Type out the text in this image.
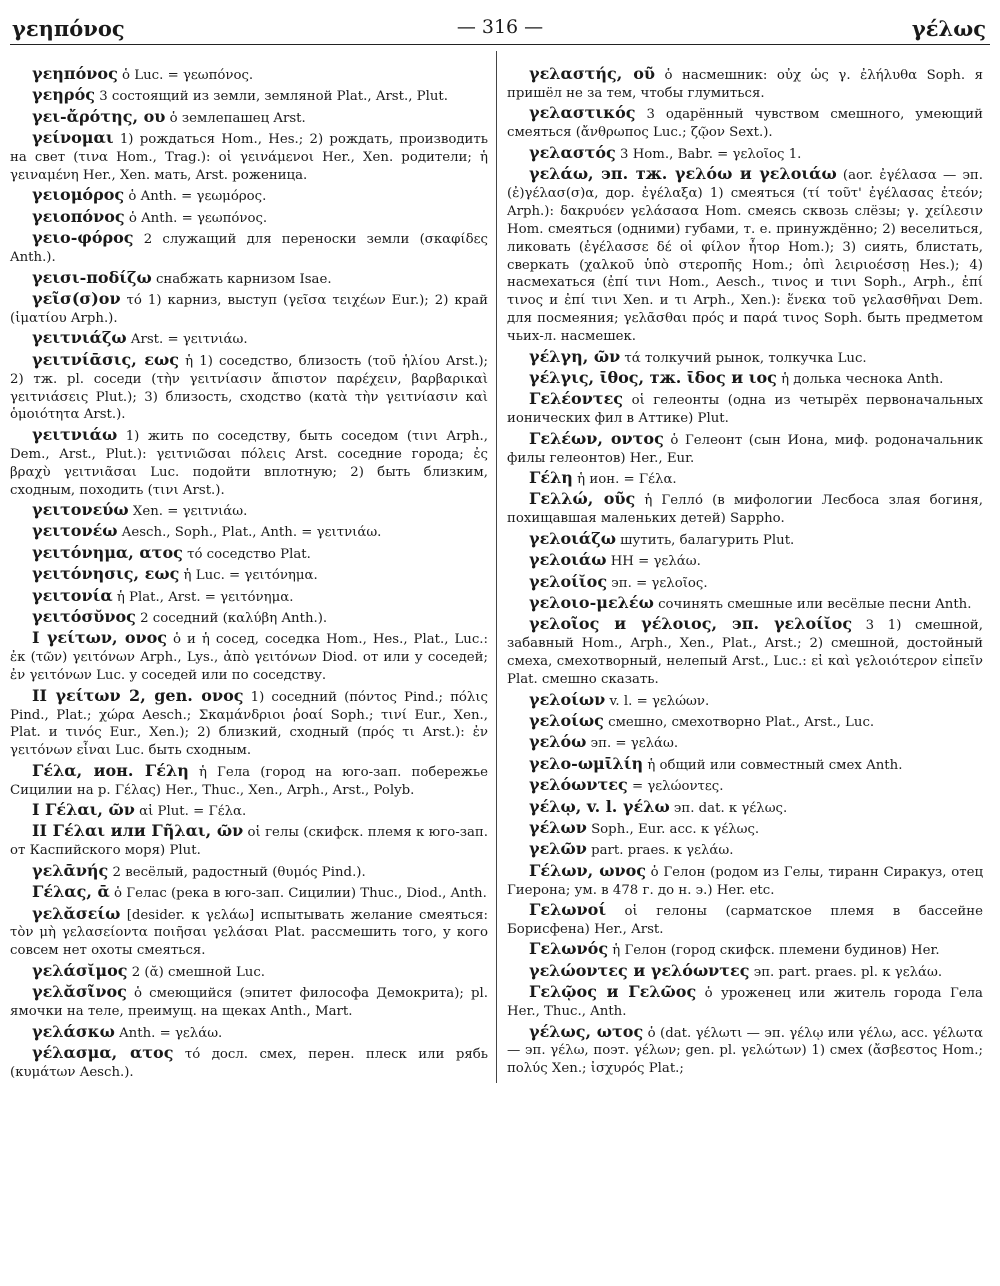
γεηπόνος	— 316 —	γέλως

γεηπόνος ὁ Luc. = γεωπόνος.

γεηρός 3 состоящий из земли, земляной Plat., Arst., Plut.

γει-ἄρότης, ου ὁ землепашец Arst.

γείνομαι 1) рождаться Hom., Hes.; 2) рождать, производить на свет (τινα Hom., Trag.): οἱ γεινάμενοι Her., Xen. родители; ἡ γειναμένη Her., Xen. мать, Arst. роженица.

γειομόρος ὁ Anth. = γεωμόρος.

γειοπόνος ὁ Anth. = γεωπόνος.

γειο-φόρος 2 служащий для переноски земли (σκαφίδες Anth.).

γεισι-ποδίζω снабжать карнизом Isae.

γεῖσ(σ)ον τό 1) карниз, выступ (γεῖσα τειχέων Eur.); 2) край (ἱματίου Arph.).

γειτνιάζω Arst. = γειτνιάω.

γειτνίᾱσις, εως ἡ 1) соседство, близость (τοῦ ἡλίου Arst.); 2) тж. pl. соседи (τὴν γειτνίασιν ἄπιστον παρέχειν, βαρβαρικαὶ γειτνιάσεις Plut.); 3) близость, сходство (κατὰ τὴν γειτνίασιν καὶ ὁμοιότητα Arst.).

γειτνιάω 1) жить по соседству, быть соседом (τινι Arph., Dem., Arst., Plut.): γειτνιῶσαι πόλεις Arst. соседние города; ἐς βραχὺ γειτνιᾶσαι Luc. подойти вплотную; 2) быть близким, сходным, походить (τινι Arst.).

γειτονεύω Xen. = γειτνιάω.

γειτονέω Aesch., Soph., Plat., Anth. = γειτνιάω.

γειτόνημα, ατος τό соседство Plat.

γειτόνησις, εως ἡ Luc. = γειτόνημα.

γειτονία ἡ Plat., Arst. = γειτόνημα.

γειτόσῠνος 2 соседний (καλύβη Anth.).

I γείτων, ονος ὁ и ἡ сосед, соседка Hom., Hes., Plat., Luc.: ἐκ (τῶν) γειτόνων Arph., Lys., ἀπὸ γειτόνων Diod. от или у соседей; ἐν γειτόνων Luc. у соседей или по соседству.

II γείτων 2, gen. ονος 1) соседний (πόντος Pind.; πόλις Pind., Plat.; χώρα Aesch.; Σκαμάνδριοι ῥοαί Soph.; τινί Eur., Xen., Plat. и τινός Eur., Xen.); 2) близкий, сходный (πρός τι Arst.): ἐν γειτόνων εἶναι Luc. быть сходным.

Γέλα, ион. Γέλη ἡ Гела (город на юго-зап. побережье Сицилии на р. Γέλας) Her., Thuc., Xen., Arph., Arst., Polyb.

I Γέλαι, ῶν αἱ Plut. = Γέλα.

II Γέλαι или Γῆλαι, ῶν οἱ гелы (скифск. племя к юго-зап. от Каспийского моря) Plut.

γελᾱνής 2 весёлый, радостный (θυμός Pind.).

Γέλας, ᾱ ὁ Гелас (река в юго-зап. Сицилии) Thuc., Diod., Anth.

γελᾰσείω [desider. к γελάω] испытывать желание смеяться: τὸν μὴ γελασείοντα ποιῆσαι γελάσαι Plat. рассмешить того, у кого совсем нет охоты смеяться.

γελάσῐμος 2 (ᾰ) смешной Luc.

γελᾰσῖνος ὁ смеющийся (эпитет философа Демокрита); pl. ямочки на теле, преимущ. на щеках Anth., Mart.

γελάσκω Anth. = γελάω.

γέλασμα, ατος τό досл. смех, перен. плеск или рябь (κυμάτων Aesch.).

γελαστής, οῦ ὁ насмешник: οὐχ ὡς γ. ἐλήλυθα Soph. я пришёл не за тем, чтобы глумиться.

γελαστικός 3 одарённый чувством смешного, умеющий смеяться (ἄνθρωπος Luc.; ζῷον Sext.).

γελαστός 3 Hom., Babr. = γελοῖος 1.

γελάω, эп. тж. γελόω и γελοιάω (aor. ἐγέλασα — эп. (ἐ)γέλασ(σ)α, дор. ἐγέλαξα) 1) смеяться (τί τοῦτ' ἐγέλασας ἐτεόν; Arph.): δακρυόεν γελάσασα Hom. смеясь сквозь слёзы; γ. χείλεσιν Hom. смеяться (одними) губами, т. е. принуждённо; 2) веселиться, ликовать (ἐγέλασσε δέ οἱ φίλον ἦτορ Hom.); 3) сиять, блистать, сверкать (χαλκοῦ ὑπὸ στεροπῆς Hom.; ὀπὶ λειριοέσσῃ Hes.); 4) насмехаться (ἐπί τινι Hom., Aesch., τινος и τινι Soph., Arph., ἐπί τινος и ἐπί τινι Xen. и τι Arph., Xen.): ἕνεκα τοῦ γελασθῆναι Dem. для посмеяния; γελᾶσθαι πρός и παρά τινος Soph. быть предметом чьих-л. насмешек.

γέλγη, ῶν τά толкучий рынок, толкучка Luc.

γέλγις, ῑθος, тж. ῑδος и ιος ἡ долька чеснока Anth.

Γελέοντες οἱ гелеонты (одна из четырёх первоначальных ионических фил в Аттике) Plut.

Γελέων, οντος ὁ Гелеонт (сын Иона, миф. родоначальник филы гелеонтов) Her., Eur.

Γέλη ἡ ион. = Γέλα.

Γελλώ, οῦς ἡ Гелло́ (в мифологии Лесбоса злая богиня, похищавшая маленьких детей) Sappho.

γελοιάζω шутить, балагурить Plut.

γελοιάω HH = γελάω.

γελοίῐος эп. = γελοῖος.

γελοιο-μελέω сочинять смешные или весёлые песни Anth.

γελοῖος и γέλοιος, эп. γελοίῐος 3 1) смешной, забавный Hom., Arph., Xen., Plat., Arst.; 2) смешной, достойный смеха, смехотворный, нелепый Arst., Luc.: εἰ καὶ γελοιότερον εἰπεῖν Plat. смешно сказать.

γελοίων v. l. = γελώων.

γελοίως смешно, смехотворно Plat., Arst., Luc.

γελόω эп. = γελάω.

γελο-ωμῑλίη ἡ общий или совместный смех Anth.

γελόωντες = γελώοντες.

γέλῳ, v. l. γέλω эп. dat. к γέλως.

γέλων Soph., Eur. acc. к γέλως.

γελῶν part. praes. к γελάω.

Γέλων, ωνος ὁ Гелон (родом из Гелы, тиранн Сиракуз, отец Гиерона; ум. в 478 г. до н. э.) Her. etc.

Γελωνοί οἱ гелоны (сарматское племя в бассейне Борисфена) Her., Arst.

Γελωνός ἡ Гелон (город скифск. племени будинов) Her.

γελώοντες и γελόωντες эп. part. praes. pl. к γελάω.

Γελῷος и Γελῶος ὁ уроженец или житель города Гела Her., Thuc., Anth.

γέλως, ωτος ὁ (dat. γέλωτι — эп. γέλῳ или γέλω, acc. γέλωτα — эп. γέλω, поэт. γέλων; gen. pl. γελώτων) 1) смех (ἄσβεστος Hom.; πολύς Xen.; ἰσχυρός Plat.;
